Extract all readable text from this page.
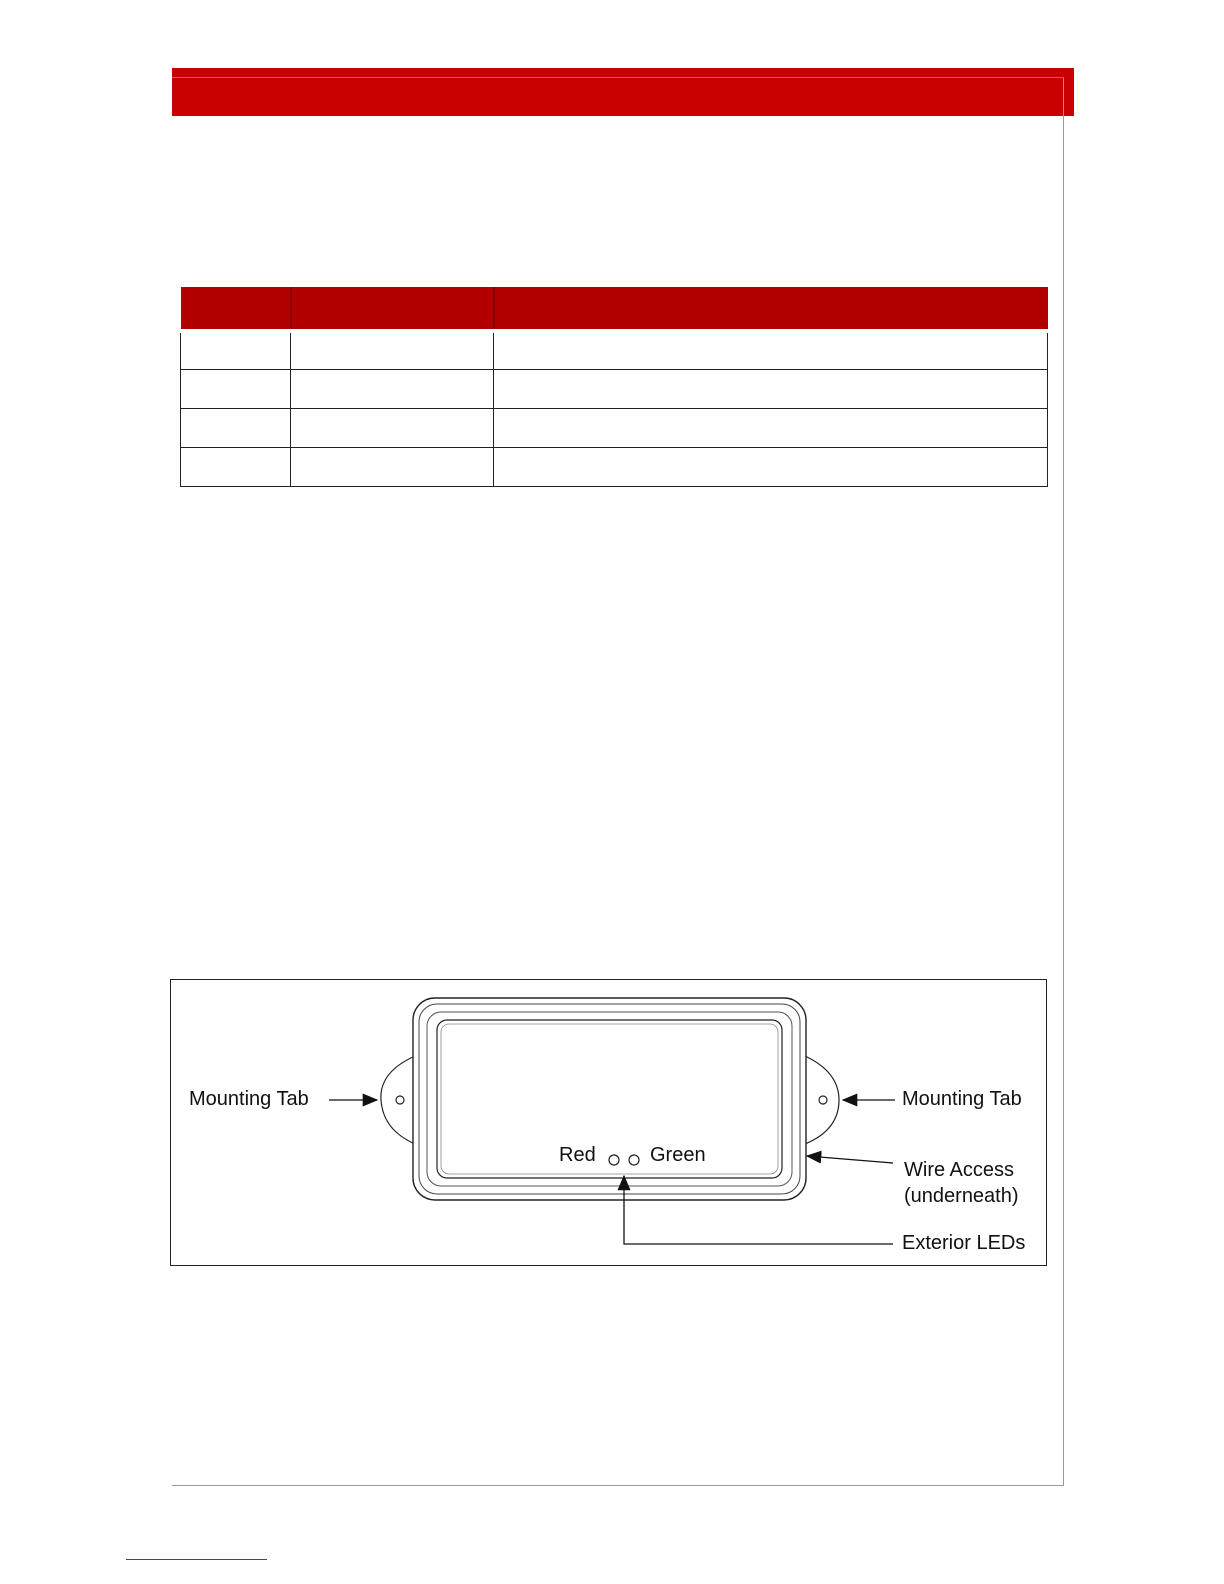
Mounting Tab	Mounting Tab
Red	Green
Wire Access
(underneath)
Exterior LEDs
